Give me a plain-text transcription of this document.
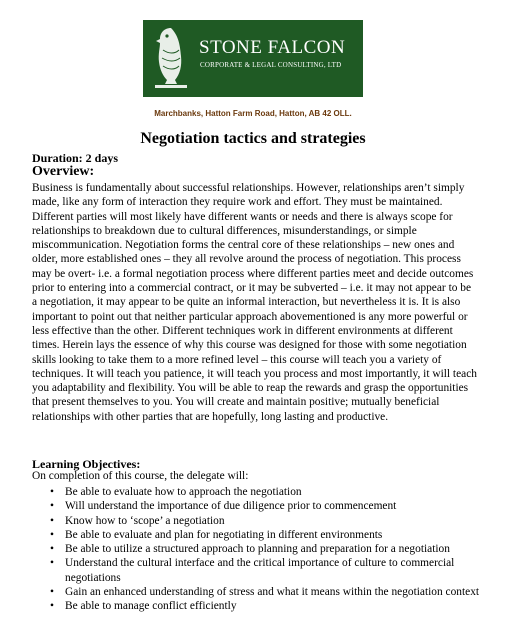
STONE FALCON
CORPORATE & LEGAL CONSULTING, LTD
Marchbanks, Hatton Farm Road, Hatton, AB 42 OLL.
Negotiation tactics and strategies
Duration: 2 days
Overview:

Business is fundamentally about successful relationships. However, relationships aren’t simply made, like any form of interaction they require work and effort. They must be maintained. Different parties will most likely have different wants or needs and there is always scope for relationships to breakdown due to cultural differences, misunderstandings, or simple miscommunication. Negotiation forms the central core of these relationships – new ones and older, more established ones – they all revolve around the process of negotiation. This process may be overt- i.e. a formal negotiation process where different parties meet and decide outcomes prior to entering into a commercial contract, or it may be subverted – i.e. it may not appear to be a negotiation, it may appear to be quite an informal interaction, but nevertheless it is. It is also important to point out that neither particular approach abovementioned is any more powerful or less effective than the other. Different techniques work in different environments at different times. Herein lays the essence of why this course was designed for those with some negotiation skills looking to take them to a more refined level – this course will teach you a variety of techniques. It will teach you patience, it will teach you process and most importantly, it will teach you adaptability and flexibility. You will be able to reap the rewards and grasp the opportunities that present themselves to you. You will create and maintain positive; mutually beneficial relationships with other parties that are hopefully, long lasting and productive.

Learning Objectives:
On completion of this course, the delegate will:
• Be able to evaluate how to approach the negotiation
• Will understand the importance of due diligence prior to commencement
• Know how to ‘scope’ a negotiation
• Be able to evaluate and plan for negotiating in different environments
• Be able to utilize a structured approach to planning and preparation for a negotiation
• Understand the cultural interface and the critical importance of culture to commercial negotiations
• Gain an enhanced understanding of stress and what it means within the negotiation context
• Be able to manage conflict efficiently
